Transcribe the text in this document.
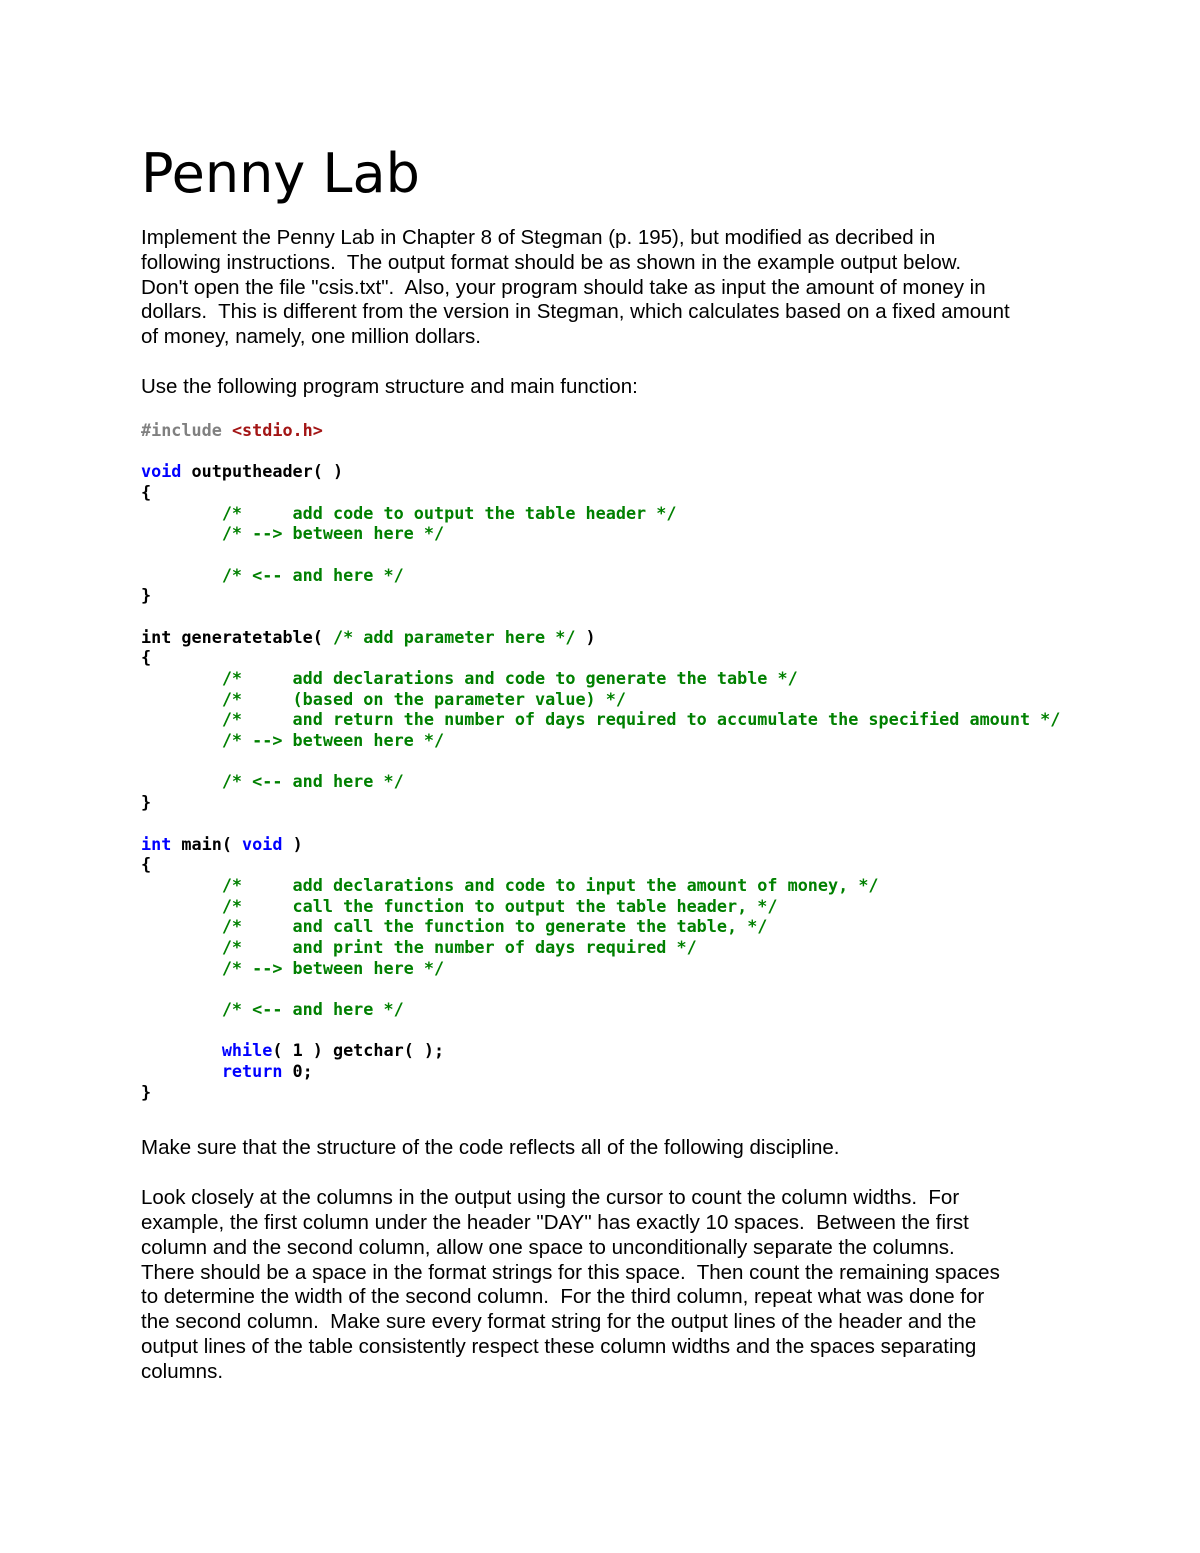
Penny Lab

Implement the Penny Lab in Chapter 8 of Stegman (p. 195), but modified as decribed in
following instructions.  The output format should be as shown in the example output below.
Don't open the file "csis.txt".  Also, your program should take as input the amount of money in
dollars.  This is different from the version in Stegman, which calculates based on a fixed amount
of money, namely, one million dollars.

Use the following program structure and main function:

#include <stdio.h>

void outputheader( )
{
/*     add code to output the table header */
/* --> between here */

/* <-- and here */
}

int generatetable( /* add parameter here */ )
{
/*     add declarations and code to generate the table */
/*     (based on the parameter value) */
/*     and return the number of days required to accumulate the specified amount */
/* --> between here */

/* <-- and here */
}

int main( void )
{
/*     add declarations and code to input the amount of money, */
/*     call the function to output the table header, */
/*     and call the function to generate the table, */
/*     and print the number of days required */
/* --> between here */

/* <-- and here */

while( 1 ) getchar( );
return 0;
}

Make sure that the structure of the code reflects all of the following discipline.

Look closely at the columns in the output using the cursor to count the column widths.  For
example, the first column under the header "DAY" has exactly 10 spaces.  Between the first
column and the second column, allow one space to unconditionally separate the columns.
There should be a space in the format strings for this space.  Then count the remaining spaces
to determine the width of the second column.  For the third column, repeat what was done for
the second column.  Make sure every format string for the output lines of the header and the
output lines of the table consistently respect these column widths and the spaces separating
columns.
